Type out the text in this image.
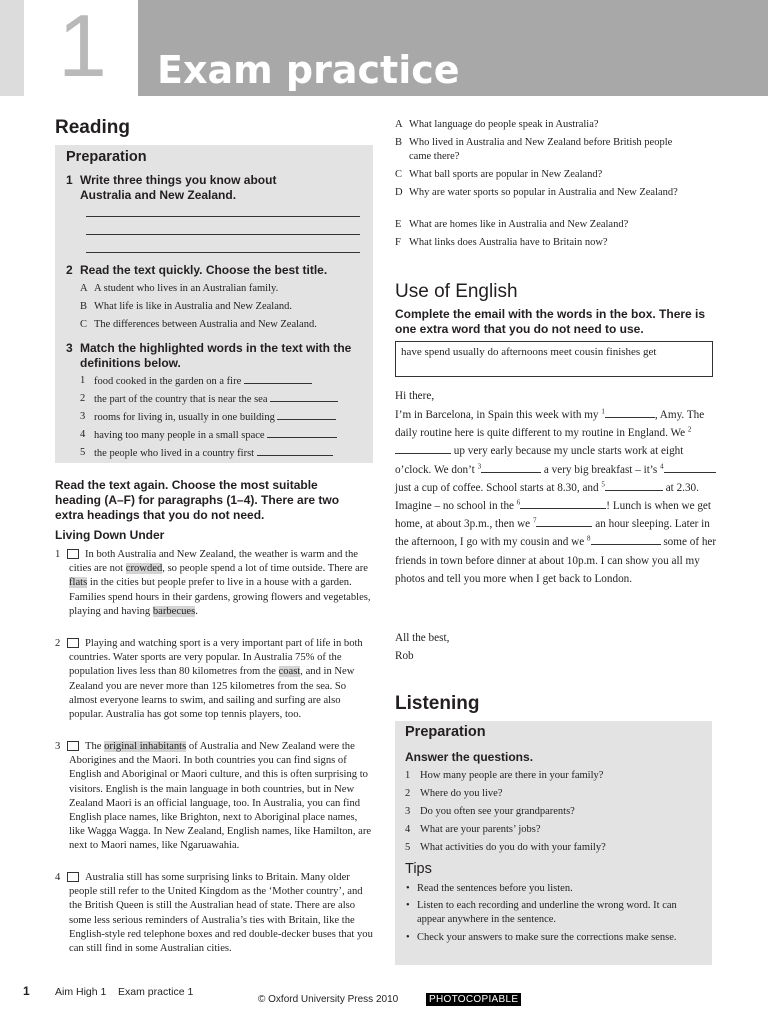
1 Exam practice
Reading
Preparation
1 Write three things you know about Australia and New Zealand.
2 Read the text quickly. Choose the best title.
A A student who lives in an Australian family.
B What life is like in Australia and New Zealand.
C The differences between Australia and New Zealand.
3 Match the highlighted words in the text with the definitions below.
1 food cooked in the garden on a fire
2 the part of the country that is near the sea
3 rooms for living in, usually in one building
4 having too many people in a small space
5 the people who lived in a country first
Read the text again. Choose the most suitable heading (A–F) for paragraphs (1–4). There are two extra headings that you do not need.
Living Down Under
1	In both Australia and New Zealand, the weather is warm and the cities are not crowded, so people spend a lot of time outside. There are flats in the cities but people prefer to live in a house with a garden. Families spend hours in their gardens, growing flowers and vegetables, playing and having barbecues.
2	Playing and watching sport is a very important part of life in both countries. Water sports are very popular. In Australia 75% of the population lives less than 80 kilometres from the coast, and in New Zealand you are never more than 125 kilometres from the sea. So almost everyone learns to swim, and sailing and surfing are also popular. Australia has got some top tennis players, too.
3	The original inhabitants of Australia and New Zealand were the Aborigines and the Maori. In both countries you can find signs of English and Aboriginal or Maori culture, and this is often surprising to visitors. English is the main language in both countries, but in New Zealand Maori is an official language, too. In Australia, you can find English place names, like Brighton, next to Aboriginal place names, like Wagga Wagga. In New Zealand, English names, like Hamilton, are next to Maori names, like Ngaruawahia.
4	Australia still has some surprising links to Britain. Many older people still refer to the United Kingdom as the ‘Mother country’, and the British Queen is still the Australian head of state. There are also some less serious reminders of Australia’s ties with Britain, like the English-style red telephone boxes and red double-decker buses that you can still find in some Australian cities.
A What language do people speak in Australia?
B Who lived in Australia and New Zealand before British people came there?
C What ball sports are popular in New Zealand?
D Why are water sports so popular in Australia and New Zealand?
E What are homes like in Australia and New Zealand?
F What links does Australia have to Britain now?
Use of English
Complete the email with the words in the box. There is one extra word that you do not need to use.
have spend usually do afternoons meet cousin finishes get
Hi there,
I’m in Barcelona, in Spain this week with my $^1$	, Amy. The daily routine here is quite different to my routine in England. We $^2$ up very early because my uncle starts work at eight o’clock. We don’t $^3$	a very big breakfast – it’s $^4$ just a cup of coffee. School starts at 8.30, and $^5$	at 2.30. Imagine – no school in the $^6$	! Lunch is when we get home, at about 3p.m., then we $^7$	an hour sleeping. Later in the afternoon, I go with my cousin and we $^8$	some of her friends in town before dinner at about 10p.m. I can show you all my photos and tell you more when I get back to London.
All the best,
Rob
Listening
Preparation
Answer the questions.
1 How many people are there in your family?
2 Where do you live?
3 Do you often see your grandparents?
4 What are your parents’ jobs?
5 What activities do you do with your family?
Tips
• Read the sentences before you listen.
• Listen to each recording and underline the wrong word. It can appear anywhere in the sentence.
• Check your answers to make sure the corrections make sense.
1 Aim High 1    Exam practice 1
© Oxford University Press 2010	PHOTOCOPIABLE
